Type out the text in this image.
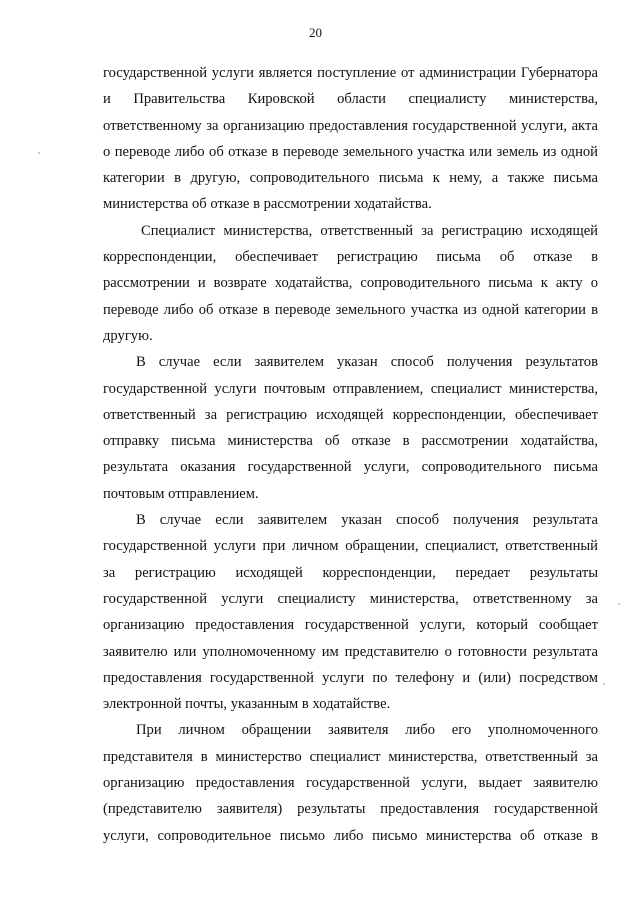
20
государственной услуги является поступление от администрации Губернатора
и Правительства Кировской области специалисту министерства,
ответственному за организацию предоставления государственной услуги, акта
о переводе либо об отказе в переводе земельного участка или земель из одной
категории в другую, сопроводительного письма к нему, а также письма
министерства об отказе в рассмотрении ходатайства.
Специалист министерства, ответственный за регистрацию исходящей
корреспонденции, обеспечивает регистрацию письма об отказе в
рассмотрении и возврате ходатайства, сопроводительного письма к акту о
переводе либо об отказе в переводе земельного участка из одной категории в
другую.
В случае если заявителем указан способ получения результатов
государственной услуги почтовым отправлением, специалист министерства,
ответственный за регистрацию исходящей корреспонденции, обеспечивает
отправку письма министерства об отказе в рассмотрении ходатайства,
результата оказания государственной услуги, сопроводительного письма
почтовым отправлением.
В случае если заявителем указан способ получения результата
государственной услуги при личном обращении, специалист, ответственный
за регистрацию исходящей корреспонденции, передает результаты
государственной услуги специалисту министерства, ответственному за
организацию предоставления государственной услуги, который сообщает
заявителю или уполномоченному им представителю о готовности результата
предоставления государственной услуги по телефону и (или) посредством
электронной почты, указанным в ходатайстве.
При личном обращении заявителя либо его уполномоченного
представителя в министерство специалист министерства, ответственный за
организацию предоставления государственной услуги, выдает заявителю
(представителю заявителя) результаты предоставления государственной
услуги, сопроводительное письмо либо письмо министерства об отказе в
